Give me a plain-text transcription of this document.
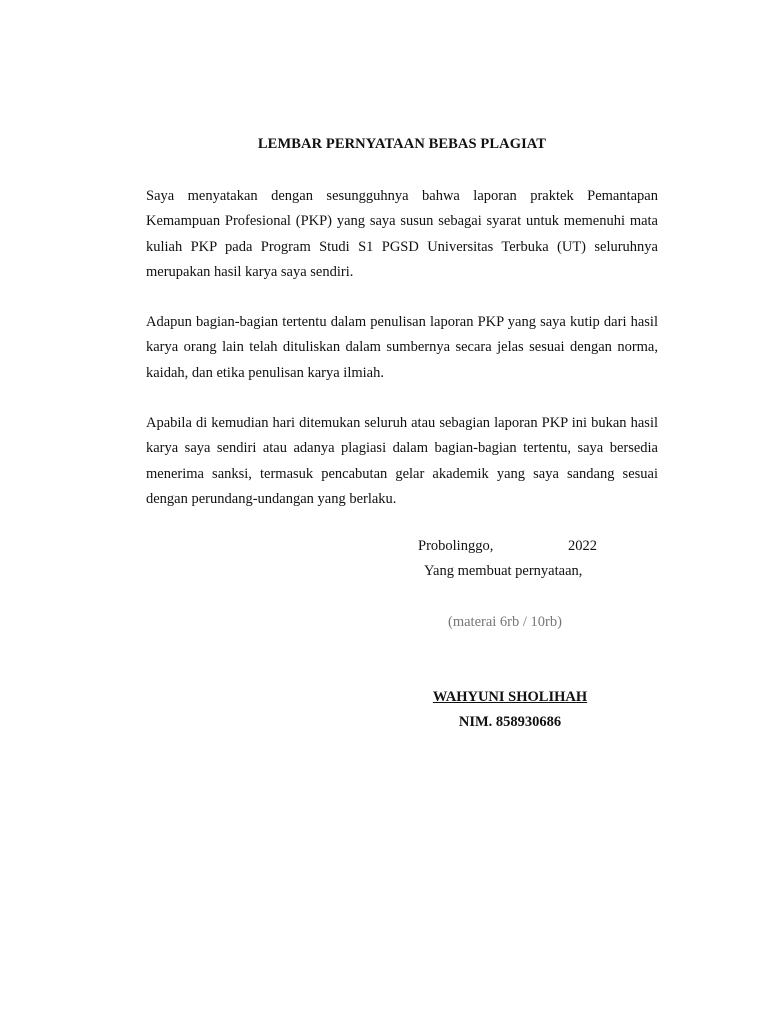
LEMBAR PERNYATAAN BEBAS PLAGIAT
Saya menyatakan dengan sesungguhnya bahwa laporan praktek Pemantapan Kemampuan Profesional (PKP) yang saya susun sebagai syarat untuk memenuhi mata kuliah PKP pada Program Studi S1 PGSD Universitas Terbuka (UT) seluruhnya merupakan hasil karya saya sendiri.
Adapun bagian-bagian tertentu dalam penulisan laporan PKP yang saya kutip dari hasil karya orang lain telah dituliskan dalam sumbernya secara jelas sesuai dengan norma, kaidah, dan etika penulisan karya ilmiah.
Apabila di kemudian hari ditemukan seluruh atau sebagian laporan PKP ini bukan hasil karya saya sendiri atau adanya plagiasi dalam bagian-bagian tertentu, saya bersedia menerima sanksi, termasuk pencabutan gelar akademik yang saya sandang sesuai dengan perundang-undangan yang berlaku.
Probolinggo,	2022
Yang membuat pernyataan,
(materai 6rb / 10rb)
WAHYUNI SHOLIHAH
NIM. 858930686
